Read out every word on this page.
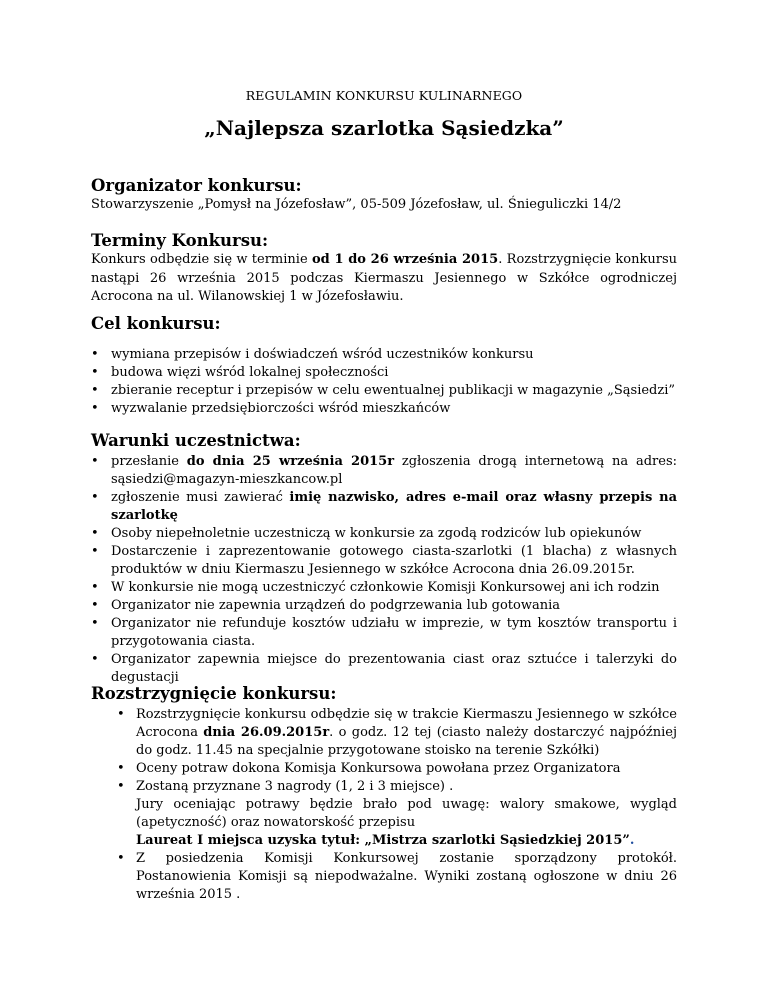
REGULAMIN KONKURSU KULINARNEGO
„Najlepsza szarlotka Sąsiedzka”

Organizator konkursu:

Stowarzyszenie „Pomysł na Józefosław”, 05-509 Józefosław, ul. Śnieguliczki 14/2

Terminy Konkursu:

Konkurs odbędzie się w terminie od 1 do 26 września 2015. Rozstrzygnięcie konkursu nastąpi 26 września 2015 podczas Kiermaszu Jesiennego w Szkółce ogrodniczej Acrocona na ul. Wilanowskiej 1 w Józefosławiu.

Cel konkursu:

• wymiana przepisów i doświadczeń wśród uczestników konkursu
• budowa więzi wśród lokalnej społeczności
• zbieranie receptur i przepisów w celu ewentualnej publikacji w magazynie „Sąsiedzi”
• wyzwalanie przedsiębiorczości wśród mieszkańców

Warunki uczestnictwa:

• przesłanie do dnia 25 września 2015r zgłoszenia drogą internetową na adres: sąsiedzi@magazyn-mieszkancow.pl
• zgłoszenie musi zawierać imię nazwisko, adres e-mail oraz własny przepis na szarlotkę
• Osoby niepełnoletnie uczestniczą w konkursie za zgodą rodziców lub opiekunów
• Dostarczenie i zaprezentowanie gotowego ciasta-szarlotki (1 blacha) z własnych produktów w dniu Kiermaszu Jesiennego w szkółce Acrocona dnia 26.09.2015r.
• W konkursie nie mogą uczestniczyć członkowie Komisji Konkursowej ani ich rodzin
• Organizator nie zapewnia urządzeń do podgrzewania lub gotowania
• Organizator nie refunduje kosztów udziału w imprezie, w tym kosztów transportu i przygotowania ciasta.
• Organizator zapewnia miejsce do prezentowania ciast oraz sztućce i talerzyki do degustacji

Rozstrzygnięcie konkursu:

• Rozstrzygnięcie konkursu odbędzie się w trakcie Kiermaszu Jesiennego w szkółce Acrocona dnia 26.09.2015r. o godz. 12 tej (ciasto należy dostarczyć najpóźniej do godz. 11.45 na specjalnie przygotowane stoisko na terenie Szkółki)
• Oceny potraw dokona Komisja Konkursowa powołana przez Organizatora
• Zostaną przyznane 3 nagrody (1, 2 i 3 miejsce) .
Jury oceniając potrawy będzie brało pod uwagę: walory smakowe, wygląd (apetyczność) oraz nowatorskość przepisu
Laureat I miejsca uzyska tytuł: „Mistrza szarlotki Sąsiedzkiej 2015”.
• Z posiedzenia Komisji Konkursowej zostanie sporządzony protokół. Postanowienia Komisji są niepodważalne. Wyniki zostaną ogłoszone w dniu 26 września 2015 .
